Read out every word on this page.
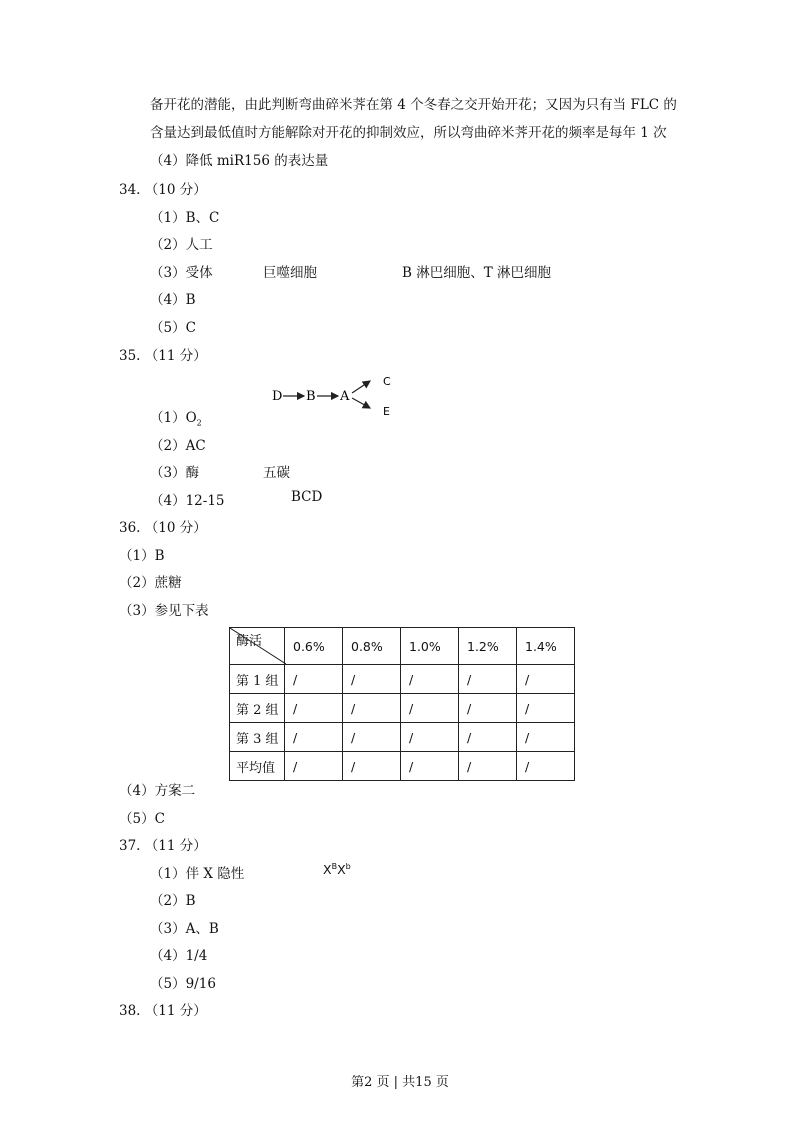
备开花的潜能，由此判断弯曲碎米荠在第 4 个冬春之交开始开花；又因为只有当 FLC 的
含量达到最低值时方能解除对开花的抑制效应，所以弯曲碎米荠开花的频率是每年 1 次
（4）降低 miR156 的表达量
34. （10 分）
（1）B、C
（2）人工
（3）受体	巨噬细胞	B 淋巴细胞、T 淋巴细胞
（4）B
（5）C
35. （11 分）
D B A
C
E
$(1)O_2$
（2）AC
（3）酶	五碳
（4）12-15	BCD
36. （10 分）
（1）B
（2）蔗糖
（3）参见下表
酶活	0.6%	0.8%	1.0%	1.2%	1.4%
第 1 组	/	/	/	/	/
第 2 组	/	/	/	/	/
第 3 组	/	/	/	/	/
平均值	/	/	/	/	/
（4）方案二
（5）C
37. （11 分）
（1）伴 X 隐性	$X^BX^b$
（2）B
（3）A、B
（4）1/4
（5）9/16
38. （11 分）
第2 页 | 共15 页
